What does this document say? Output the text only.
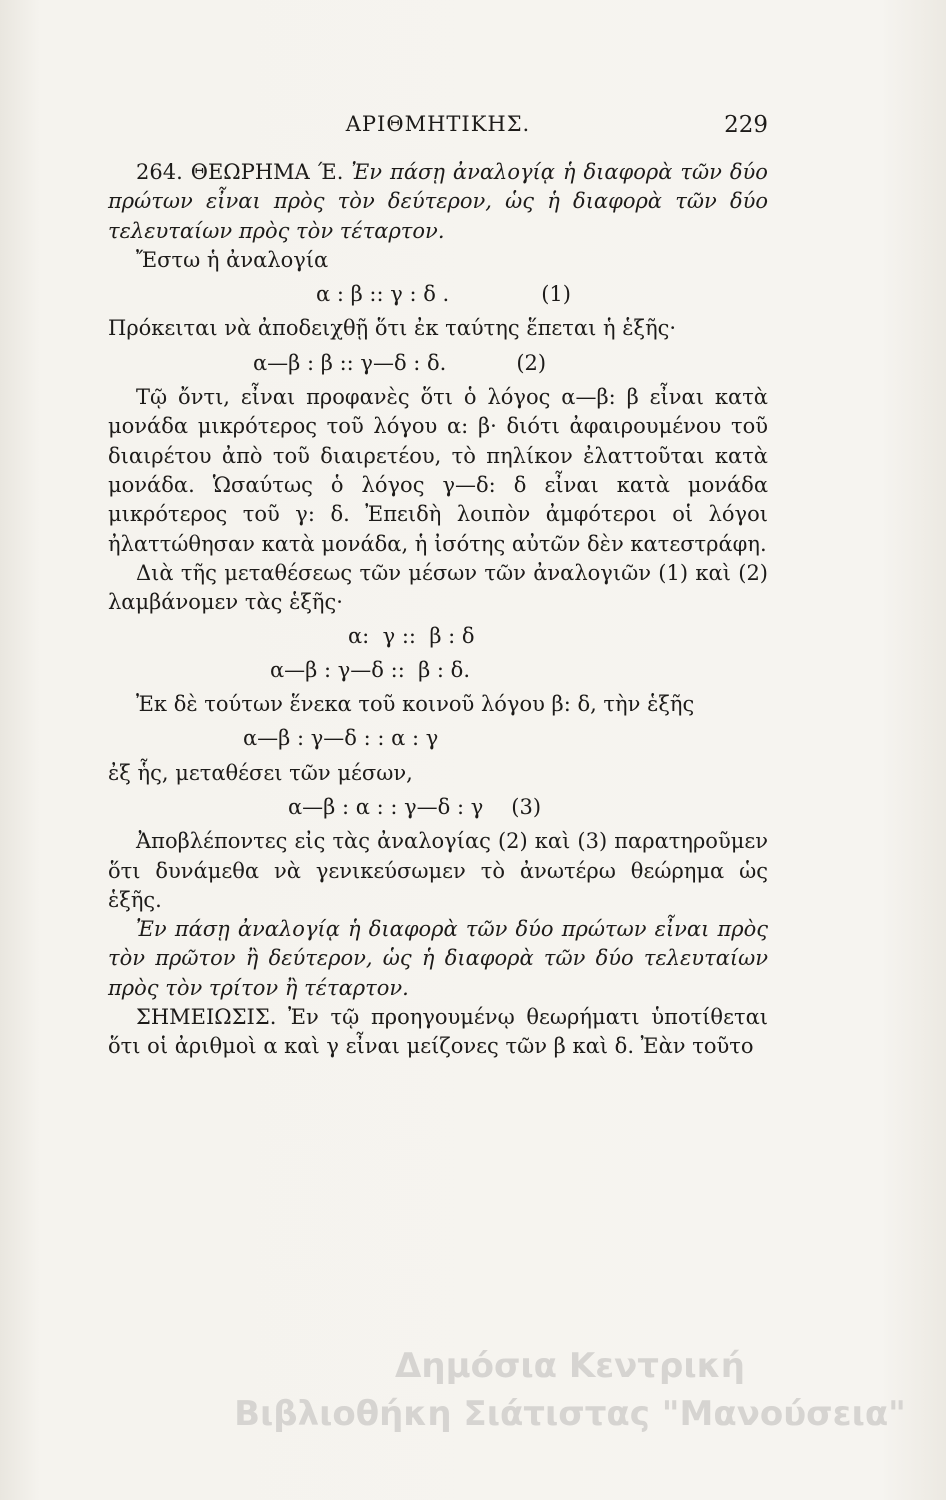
ΑΡΙΘΜΗΤΙΚΗΣ.	229

264. ΘΕΩΡΗΜΑ Έ. Ἐν πάσῃ ἀναλογίᾳ ἡ διαφορὰ τῶν δύο πρώτων εἶναι πρὸς τὸν δεύτερον, ὡς ἡ διαφορὰ τῶν δύο τελευταίων πρὸς τὸν τέταρτον.

Ἔστω ἡ ἀναλογία

α : β :: γ : δ .	(1)

Πρόκειται νὰ ἀποδειχθῇ ὅτι ἐκ ταύτης ἕπεται ἡ ἑξῆς·

α—β : β :: γ—δ : δ.	(2)

Τῷ ὄντι, εἶναι προφανὲς ὅτι ὁ λόγος α—β: β εἶναι κατὰ μονάδα μικρότερος τοῦ λόγου α: β· διότι ἀφαιρουμένου τοῦ διαιρέτου ἀπὸ τοῦ διαιρετέου, τὸ πηλίκον ἐλαττοῦται κατὰ μονάδα. Ὡσαύτως ὁ λόγος γ—δ: δ εἶναι κατὰ μονάδα μικρότερος τοῦ γ: δ. Ἐπειδὴ λοιπὸν ἀμφότεροι οἱ λόγοι ἠλαττώθησαν κατὰ μονάδα, ἡ ἰσότης αὐτῶν δὲν κατεστράφη.

Διὰ τῆς μεταθέσεως τῶν μέσων τῶν ἀναλογιῶν (1) καὶ (2) λαμβάνομεν τὰς ἑξῆς·

α:  γ ::  β : δ
α—β : γ—δ ::  β : δ.

Ἐκ δὲ τούτων ἕνεκα τοῦ κοινοῦ λόγου β: δ, τὴν ἑξῆς

α—β : γ—δ : : α : γ

ἐξ ἧς, μεταθέσει τῶν μέσων,

α—β : α : : γ—δ : γ (3)

Ἀποβλέποντες εἰς τὰς ἀναλογίας (2) καὶ (3) παρατηροῦμεν ὅτι δυνάμεθα νὰ γενικεύσωμεν τὸ ἀνωτέρω θεώρημα ὡς ἑξῆς.

Ἐν πάσῃ ἀναλογίᾳ ἡ διαφορὰ τῶν δύο πρώτων εἶναι πρὸς τὸν πρῶτον ἢ δεύτερον, ὡς ἡ διαφορὰ τῶν δύο τελευταίων πρὸς τὸν τρίτον ἢ τέταρτον.

ΣΗΜΕΙΩΣΙΣ. Ἐν τῷ προηγουμένῳ θεωρήματι ὑποτίθεται ὅτι οἱ ἀριθμοὶ α καὶ γ εἶναι μείζονες τῶν β καὶ δ. Ἐὰν τοῦτο

Δημόσια Κεντρική
Βιβλιοθήκη Σιάτιστας "Μανούσεια"
